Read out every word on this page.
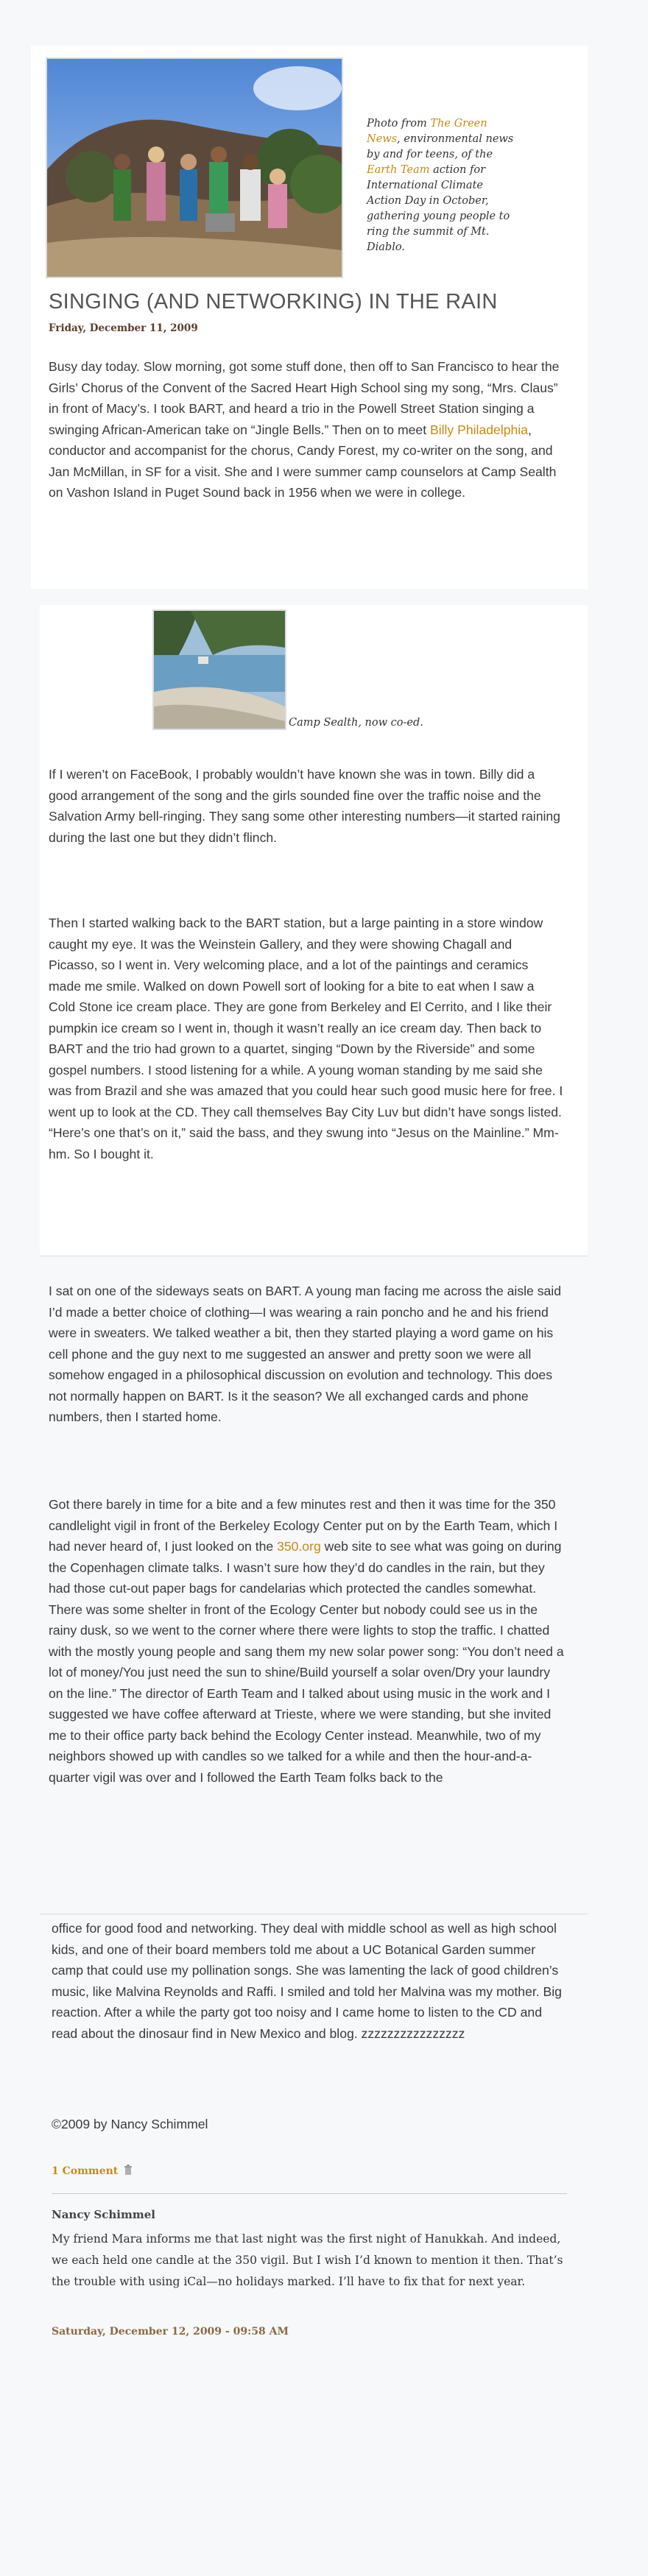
Photo from The Green News, environmental news by and for teens, of the Earth Team action for International Climate Action Day in October, gathering young people to ring the summit of Mt. Diablo.
SINGING (AND NETWORKING) IN THE RAIN
Friday, December 11, 2009

Busy day today. Slow morning, got some stuff done, then off to San Francisco to hear the Girls’ Chorus of the Convent of the Sacred Heart High School sing my song, “Mrs. Claus” in front of Macy’s. I took BART, and heard a trio in the Powell Street Station singing a swinging African-American take on “Jingle Bells.” Then on to meet Billy Philadelphia, conductor and accompanist for the chorus, Candy Forest, my co-writer on the song, and Jan McMillan, in SF for a visit. She and I were summer camp counselors at Camp Sealth on Vashon Island in Puget Sound back in 1956 when we were in college.

Camp Sealth, now co-ed.

If I weren’t on FaceBook, I probably wouldn’t have known she was in town. Billy did a good arrangement of the song and the girls sounded fine over the traffic noise and the Salvation Army bell-ringing. They sang some other interesting numbers—it started raining during the last one but they didn’t flinch.

Then I started walking back to the BART station, but a large painting in a store window caught my eye. It was the Weinstein Gallery, and they were showing Chagall and Picasso, so I went in. Very welcoming place, and a lot of the paintings and ceramics made me smile. Walked on down Powell sort of looking for a bite to eat when I saw a Cold Stone ice cream place. They are gone from Berkeley and El Cerrito, and I like their pumpkin ice cream so I went in, though it wasn’t really an ice cream day. Then back to BART and the trio had grown to a quartet, singing “Down by the Riverside” and some gospel numbers. I stood listening for a while. A young woman standing by me said she was from Brazil and she was amazed that you could hear such good music here for free. I went up to look at the CD. They call themselves Bay City Luv but didn’t have songs listed. “Here’s one that’s on it,” said the bass, and they swung into “Jesus on the Mainline.” Mm-hm. So I bought it.

I sat on one of the sideways seats on BART. A young man facing me across the aisle said I’d made a better choice of clothing—I was wearing a rain poncho and he and his friend were in sweaters. We talked weather a bit, then they started playing a word game on his cell phone and the guy next to me suggested an answer and pretty soon we were all somehow engaged in a philosophical discussion on evolution and technology. This does not normally happen on BART. Is it the season? We all exchanged cards and phone numbers, then I started home.

Got there barely in time for a bite and a few minutes rest and then it was time for the 350 candlelight vigil in front of the Berkeley Ecology Center put on by the Earth Team, which I had never heard of, I just looked on the 350.org web site to see what was going on during the Copenhagen climate talks. I wasn’t sure how they’d do candles in the rain, but they had those cut-out paper bags for candelarias which protected the candles somewhat. There was some shelter in front of the Ecology Center but nobody could see us in the rainy dusk, so we went to the corner where there were lights to stop the traffic. I chatted with the mostly young people and sang them my new solar power song: “You don’t need a lot of money/You just need the sun to shine/Build yourself a solar oven/Dry your laundry on the line.” The director of Earth Team and I talked about using music in the work and I suggested we have coffee afterward at Trieste, where we were standing, but she invited me to their office party back behind the Ecology Center instead. Meanwhile, two of my neighbors showed up with candles so we talked for a while and then the hour-and-a-quarter vigil was over and I followed the Earth Team folks back to the

office for good food and networking. They deal with middle school as well as high school kids, and one of their board members told me about a UC Botanical Garden summer camp that could use my pollination songs. She was lamenting the lack of good children’s music, like Malvina Reynolds and Raffi. I smiled and told her Malvina was my mother. Big reaction. After a while the party got too noisy and I came home to listen to the CD and read about the dinosaur find in New Mexico and blog. zzzzzzzzzzzzzzzz

©2009 by Nancy Schimmel
1 Comment
Nancy Schimmel

My friend Mara informs me that last night was the first night of Hanukkah. And indeed, we each held one candle at the 350 vigil. But I wish I’d known to mention it then. That’s the trouble with using iCal—no holidays marked. I’ll have to fix that for next year.

Saturday, December 12, 2009 - 09:58 AM
